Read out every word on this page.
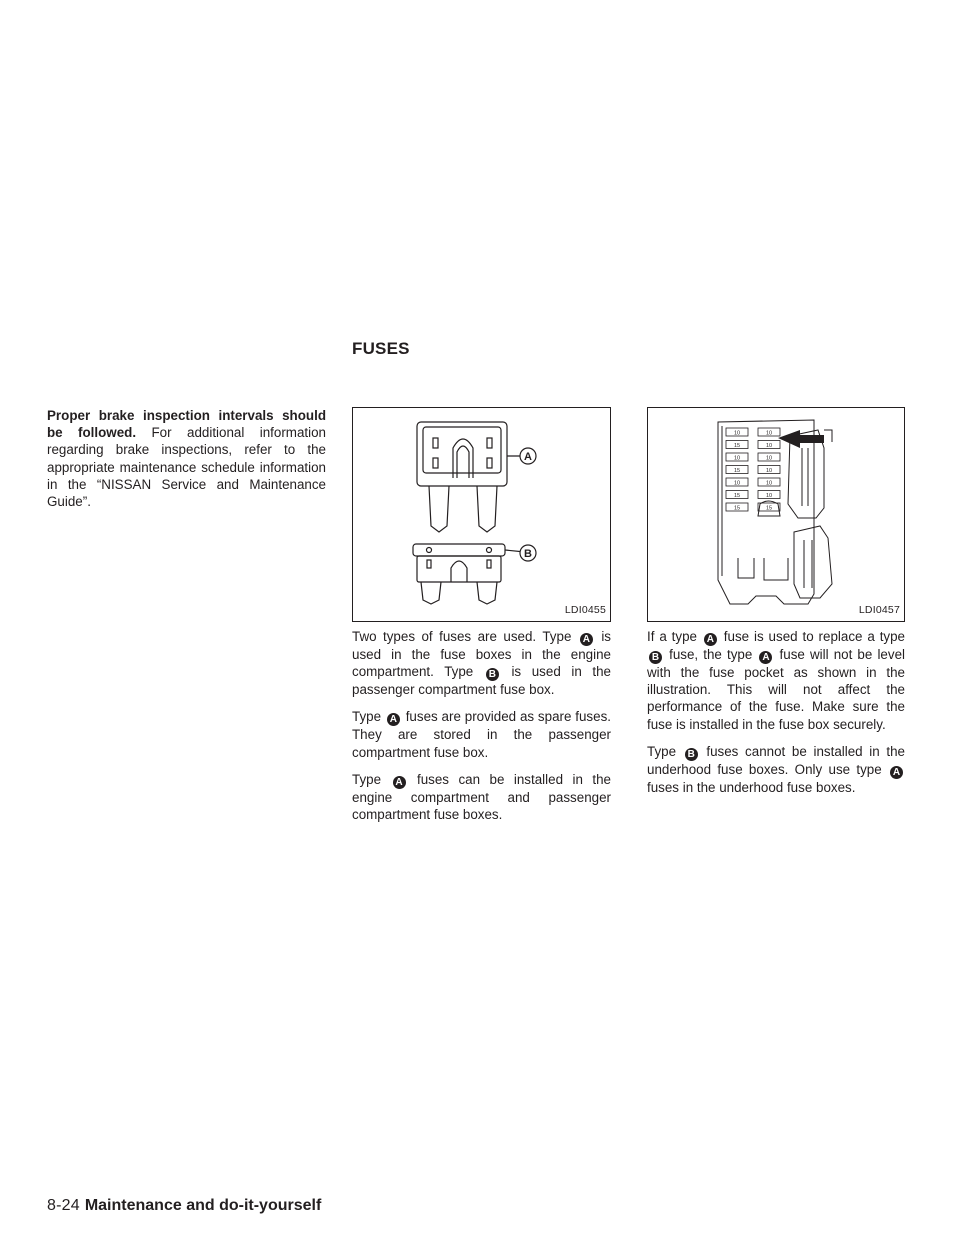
FUSES

Proper brake inspection intervals should be followed. For additional information regarding brake inspections, refer to the appropriate maintenance schedule information in the “NISSAN Service and Maintenance Guide”.

A
B
LDI0455

Two types of fuses are used. Type A is used in the fuse boxes in the engine compartment. Type B is used in the passenger compartment fuse box.

Type A fuses are provided as spare fuses. They are stored in the passenger compartment fuse box.

Type A fuses can be installed in the engine compartment and passenger compartment fuse boxes.

10
15
10
15
10
15
15
10
10
10
10
10
10
15
LDI0457

If a type A fuse is used to replace a type B fuse, the type A fuse will not be level with the fuse pocket as shown in the illustration. This will not affect the performance of the fuse. Make sure the fuse is installed in the fuse box securely.

Type B fuses cannot be installed in the underhood fuse boxes. Only use type A fuses in the underhood fuse boxes.

8-24 Maintenance and do-it-yourself
